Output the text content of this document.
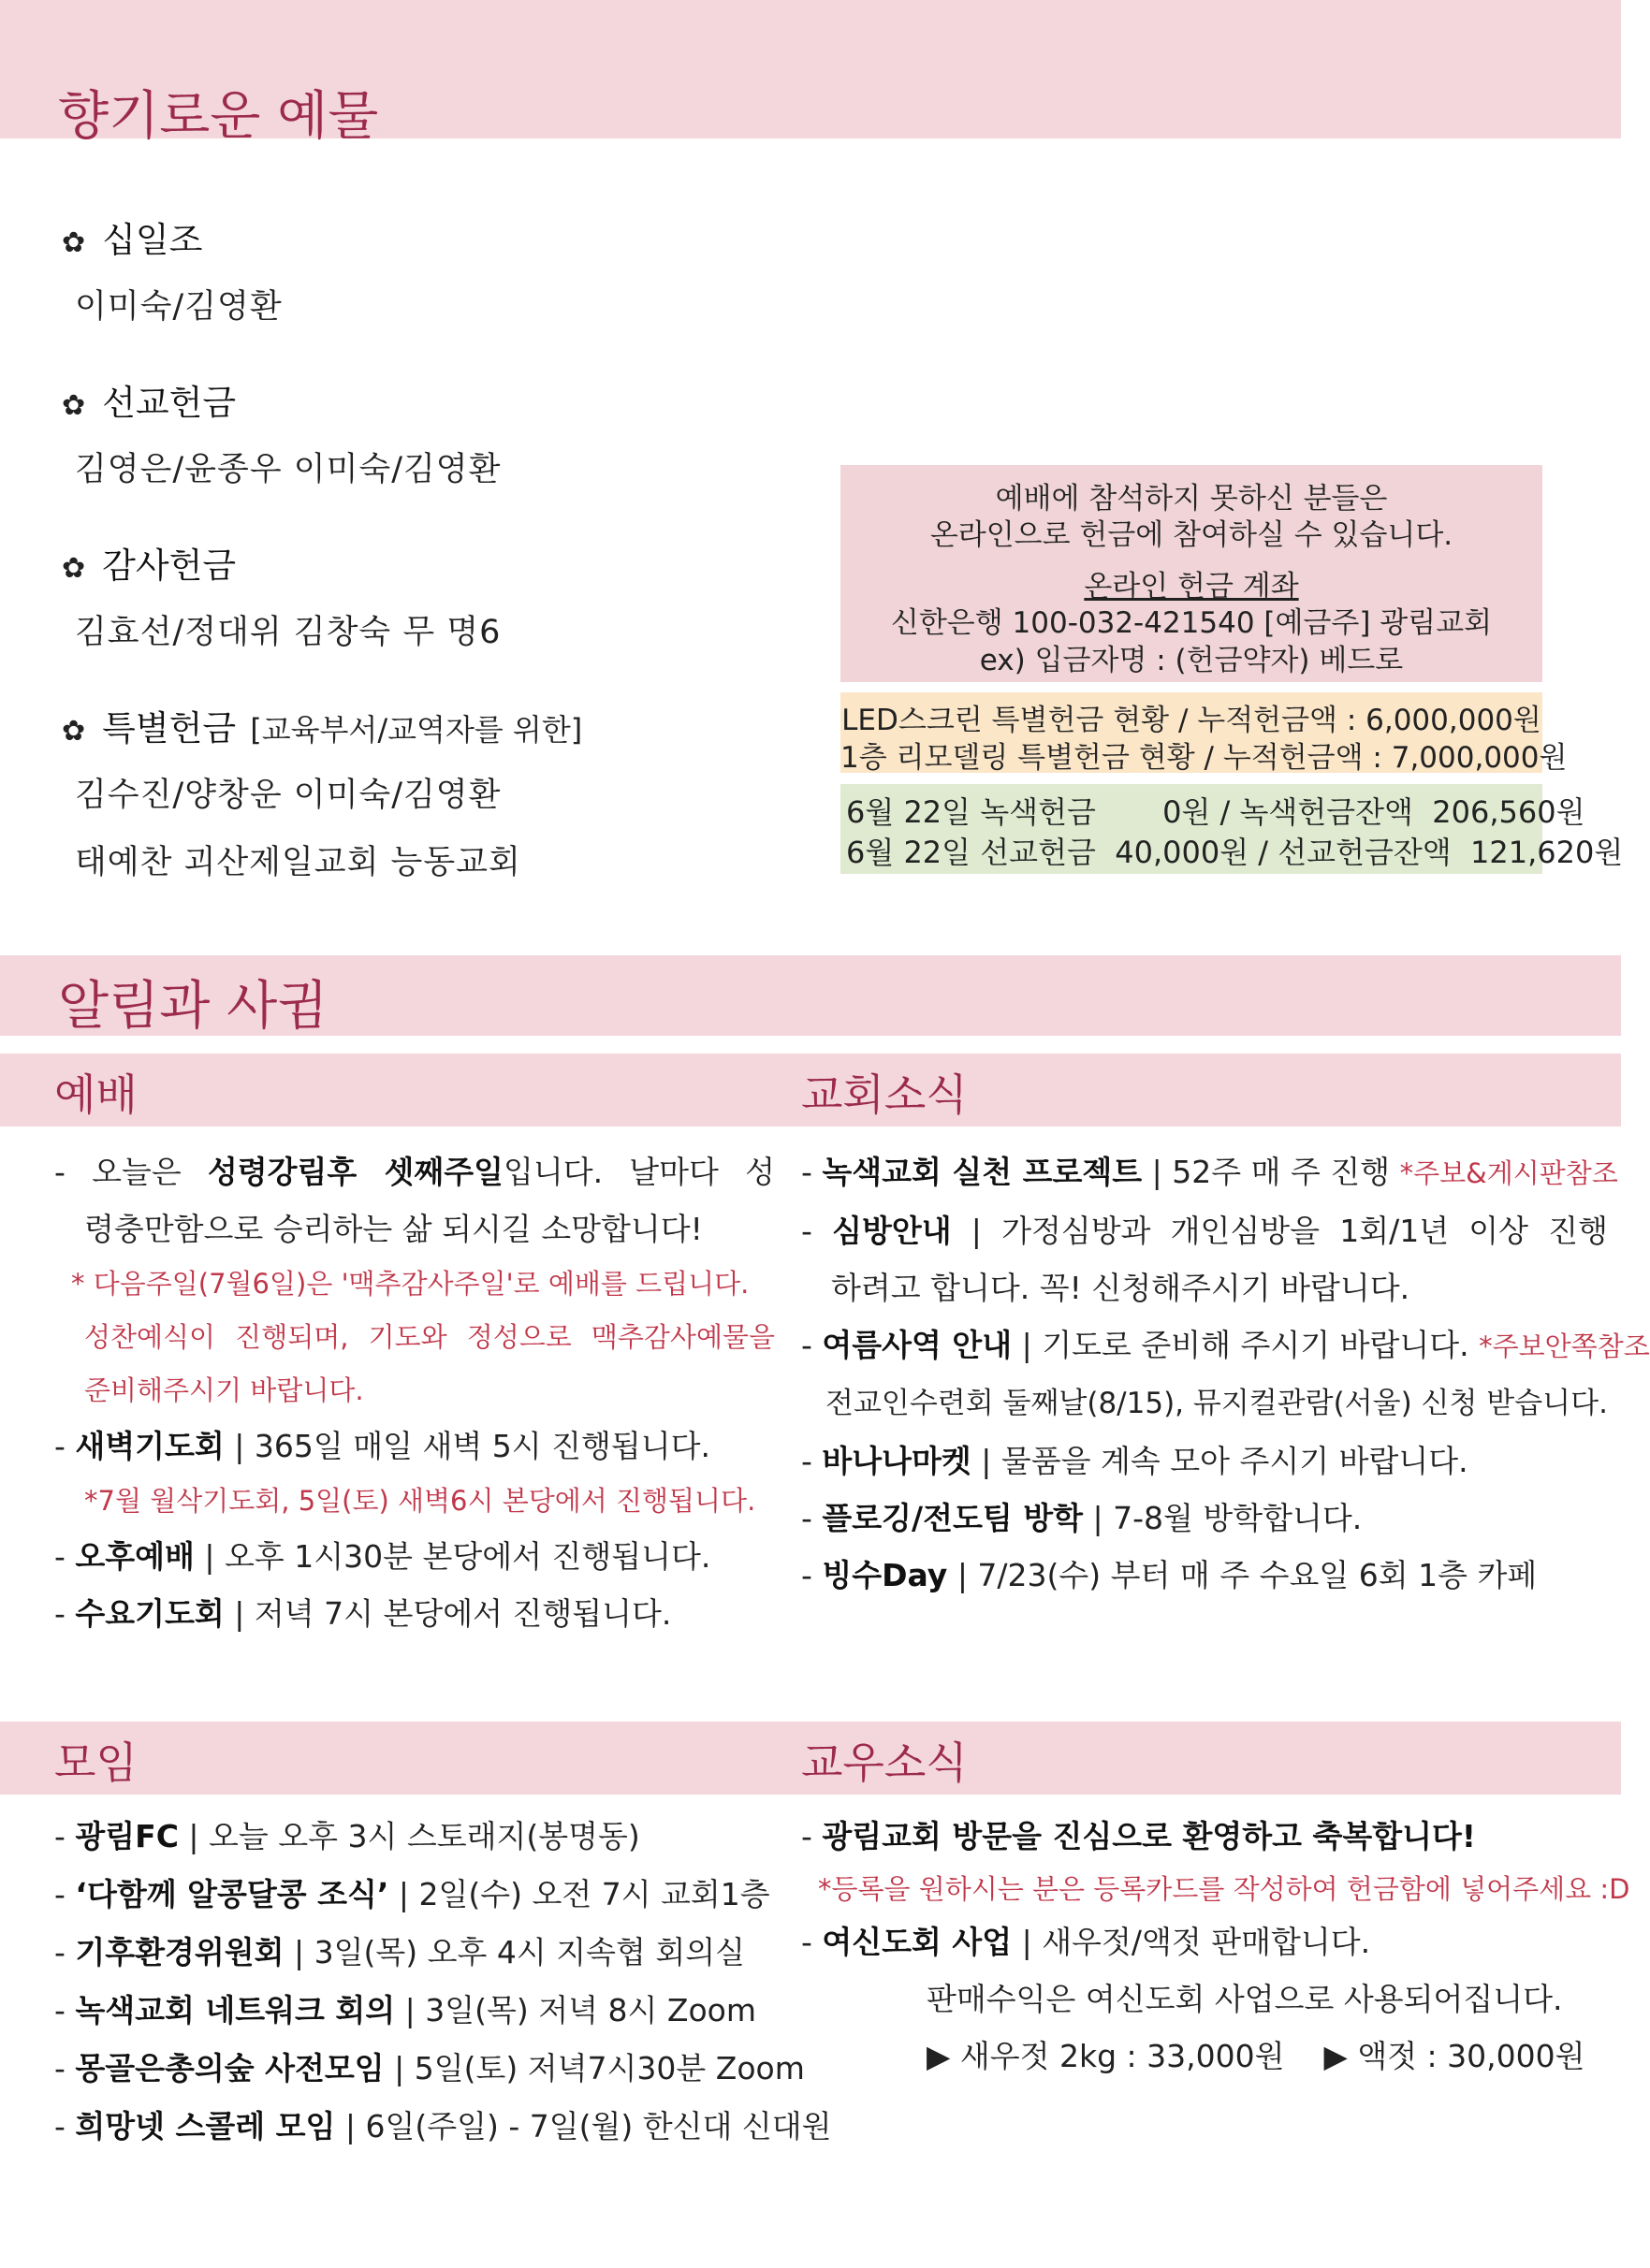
향기로운 예물
✿ 십일조
이미숙/김영환
✿ 선교헌금
김영은/윤종우 이미숙/김영환
✿ 감사헌금
김효선/정대위 김창숙 무 명6
✿ 특별헌금 [교육부서/교역자를 위한]
김수진/양창운 이미숙/김영환
태예찬 괴산제일교회 능동교회
예배에 참석하지 못하신 분들은
온라인으로 헌금에 참여하실 수 있습니다.
온라인 헌금 계좌
신한은행 100-032-421540 [예금주] 광림교회
ex) 입금자명 : (헌금약자) 베드로
LED스크린 특별헌금 현황 / 누적헌금액 : 6,000,000원
1층 리모델링 특별헌금 현황 / 누적헌금액 : 7,000,000원
6월 22일 녹색헌금       0원 / 녹색헌금잔액  206,560원
6월 22일 선교헌금  40,000원 / 선교헌금잔액  121,620원
알림과 사귐
예배	교회소식
- 오늘은 성령강림후 셋째주일입니다. 날마다 성
령충만함으로 승리하는 삶 되시길 소망합니다!
* 다음주일(7월6일)은 '맥추감사주일'로 예배를 드립니다.
성찬예식이 진행되며, 기도와 정성으로 맥추감사예물을
준비해주시기 바랍니다.
- 새벽기도회 | 365일 매일 새벽 5시 진행됩니다.
*7월 월삭기도회, 5일(토) 새벽6시 본당에서 진행됩니다.
- 오후예배 | 오후 1시30분 본당에서 진행됩니다.
- 수요기도회 | 저녁 7시 본당에서 진행됩니다.
- 녹색교회 실천 프로젝트 | 52주 매 주 진행 *주보&게시판참조
- 심방안내 | 가정심방과 개인심방을 1회/1년 이상 진행
하려고 합니다. 꼭! 신청해주시기 바랍니다.
- 여름사역 안내 | 기도로 준비해 주시기 바랍니다. *주보안쪽참조
전교인수련회 둘째날(8/15), 뮤지컬관람(서울) 신청 받습니다.
- 바나나마켓 | 물품을 계속 모아 주시기 바랍니다.
- 플로깅/전도팀 방학 | 7-8월 방학합니다.
- 빙수Day | 7/23(수) 부터 매 주 수요일 6회 1층 카페
모임	교우소식
- 광림FC | 오늘 오후 3시 스토래지(봉명동)
- ‘다함께 알콩달콩 조식’ | 2일(수) 오전 7시 교회1층
- 기후환경위원회 | 3일(목) 오후 4시 지속협 회의실
- 녹색교회 네트워크 회의 | 3일(목) 저녁 8시 Zoom
- 몽골은총의숲 사전모임 | 5일(토) 저녁7시30분 Zoom
- 희망넷 스콜레 모임 | 6일(주일) - 7일(월) 한신대 신대원
- 광림교회 방문을 진심으로 환영하고 축복합니다!
*등록을 원하시는 분은 등록카드를 작성하여 헌금함에 넣어주세요 :D
- 여신도회 사업 | 새우젓/액젓 판매합니다.
판매수익은 여신도회 사업으로 사용되어집니다.
▶ 새우젓 2kg : 33,000원    ▶ 액젓 : 30,000원
